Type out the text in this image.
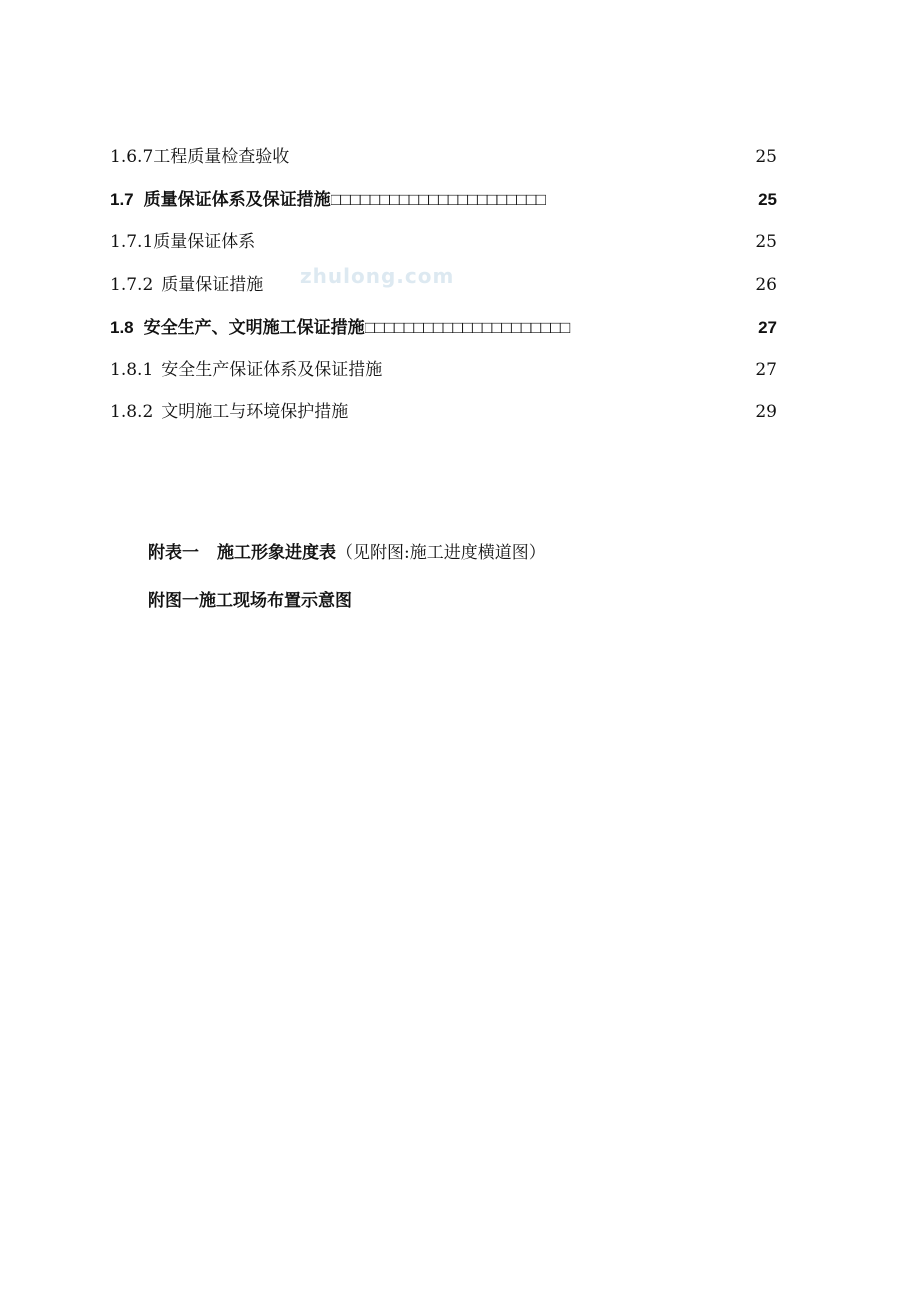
zhulong.com
1.6.7 工程质量检查验收	25
1.7 质量保证体系及保证措施 □□□□□□□□□□□□□□□□□□□□□□	25
1.7.1 质量保证体系	25
1.7.2 质量保证措施	26
1.8 安全生产、文明施工保证措施 □□□□□□□□□□□□□□□□□□□□□	27
1.8.1 安全生产保证体系及保证措施	27
1.8.2 文明施工与环境保护措施	29
附表一 施工形象进度表（见附图:施工进度横道图）
附图一施工现场布置示意图
